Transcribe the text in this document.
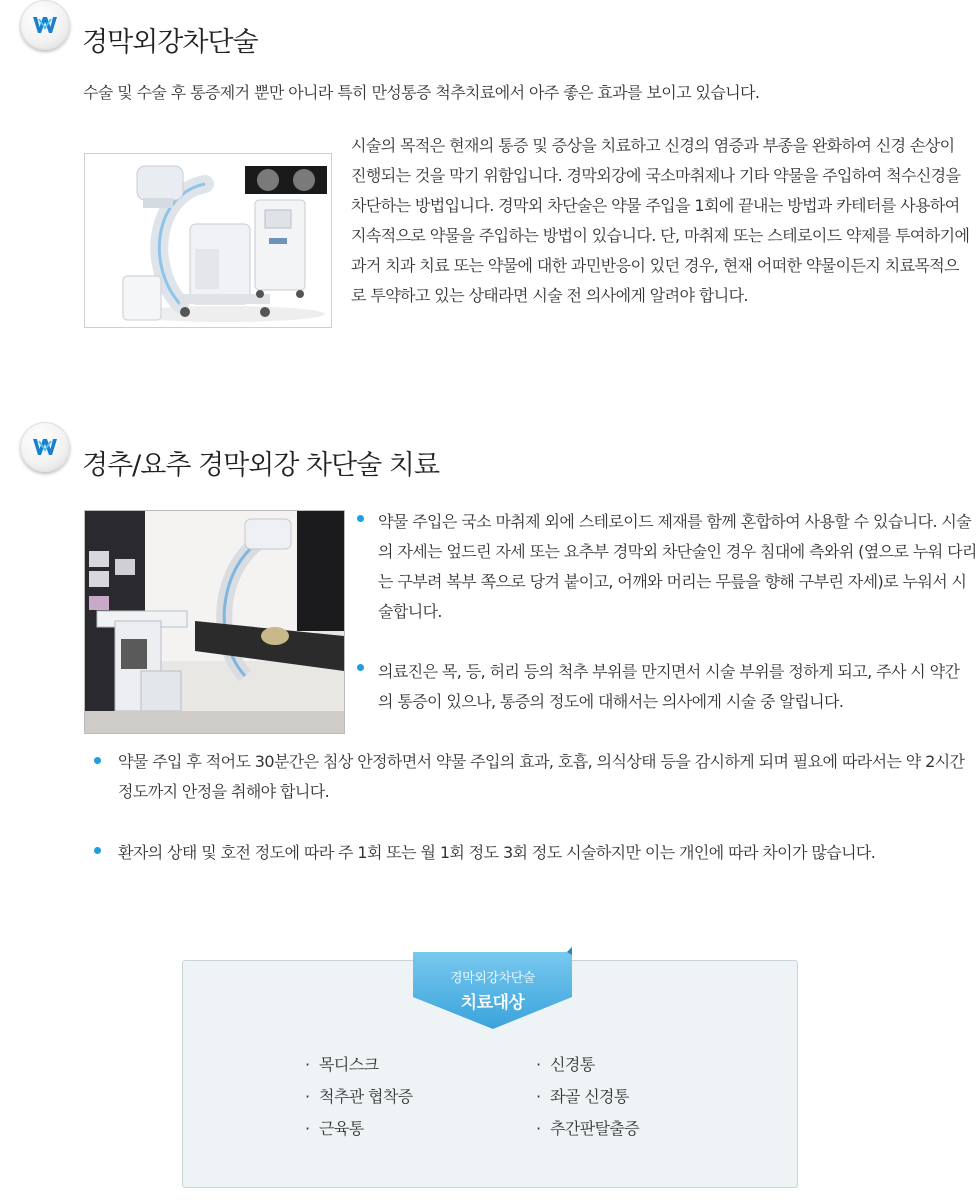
경막외강차단술
수술 및 수술 후 통증제거 뿐만 아니라 특히 만성통증 척추치료에서 아주 좋은 효과를 보이고 있습니다.
시술의 목적은 현재의 통증 및 증상을 치료하고 신경의 염증과 부종을 완화하여 신경 손상이 진행되는 것을 막기 위함입니다. 경막외강에 국소마취제나 기타 약물을 주입하여 척수신경을 차단하는 방법입니다. 경막외 차단술은 약물 주입을 1회에 끝내는 방법과 카테터를 사용하여 지속적으로 약물을 주입하는 방법이 있습니다. 단, 마취제 또는 스테로이드 약제를 투여하기에 과거 치과 치료 또는 약물에 대한 과민반응이 있던 경우, 현재 어떠한 약물이든지 치료목적으로 투약하고 있는 상태라면 시술 전 의사에게 알려야 합니다.
경추/요추 경막외강 차단술 치료
약물 주입은 국소 마취제 외에 스테로이드 제재를 함께 혼합하여 사용할 수 있습니다. 시술의 자세는 엎드린 자세 또는 요추부 경막외 차단술인 경우 침대에 측와위 (옆으로 누워 다리는 구부려 복부 쪽으로 당겨 붙이고, 어깨와 머리는 무릎을 향해 구부린 자세)로 누워서 시술합니다.
의료진은 목, 등, 허리 등의 척추 부위를 만지면서 시술 부위를 정하게 되고, 주사 시 약간의 통증이 있으나, 통증의 정도에 대해서는 의사에게 시술 중 알립니다.
약물 주입 후 적어도 30분간은 침상 안정하면서 약물 주입의 효과, 호흡, 의식상태 등을 감시하게 되며 필요에 따라서는 약 2시간 정도까지 안정을 취해야 합니다.
환자의 상태 및 호전 정도에 따라 주 1회 또는 월 1회 정도 3회 정도 시술하지만 이는 개인에 따라 차이가 많습니다.
경막외강차단술
치료대상
· 목디스크
· 척추관 협착증
· 근육통
· 신경통
· 좌골 신경통
· 추간판탈출증
